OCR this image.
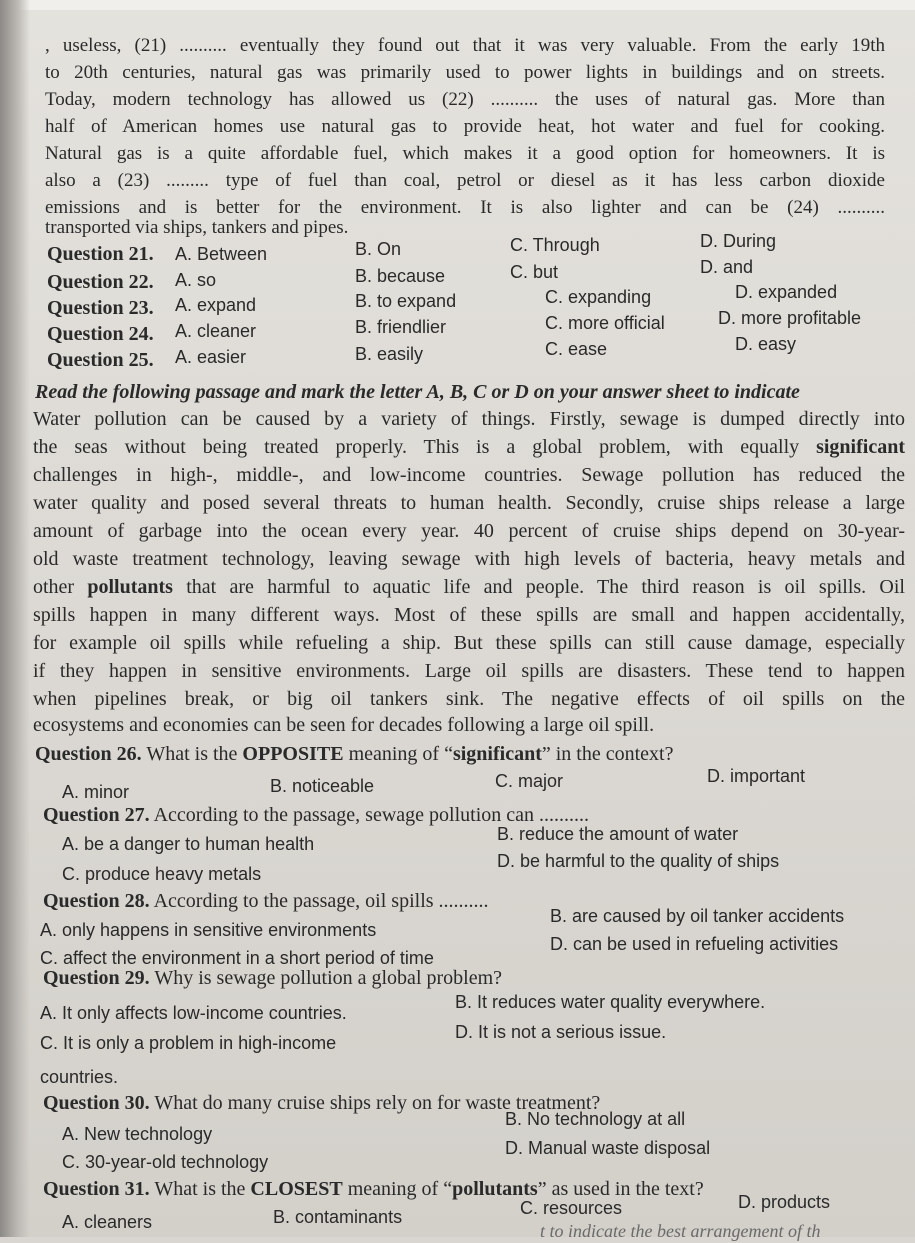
, useless, (21) .......... eventually they found out that it was very valuable. From the early 19th
to 20th centuries, natural gas was primarily used to power lights in buildings and on streets.
Today, modern technology has allowed us (22) .......... the uses of natural gas. More than
half of American homes use natural gas to provide heat, hot water and fuel for cooking.
Natural gas is a quite affordable fuel, which makes it a good option for homeowners. It is
also a (23) ......... type of fuel than coal, petrol or diesel as it has less carbon dioxide
emissions and is better for the environment. It is also lighter and can be (24) ..........
transported via ships, tankers and pipes.
Question 21. A. Between	B. On	C. Through	D. During
Question 22. A. so	B. because	C. but	D. and
Question 23. A. expand	B. to expand	C. expanding	D. expanded
Question 24. A. cleaner	B. friendlier	C. more official	D. more profitable
Question 25. A. easier	B. easily	C. ease	D. easy
Read the following passage and mark the letter A, B, C or D on your answer sheet to indicate
Water pollution can be caused by a variety of things. Firstly, sewage is dumped directly into
the seas without being treated properly. This is a global problem, with equally significant
challenges in high-, middle-, and low-income countries. Sewage pollution has reduced the
water quality and posed several threats to human health. Secondly, cruise ships release a large
amount of garbage into the ocean every year. 40 percent of cruise ships depend on 30-year-
old waste treatment technology, leaving sewage with high levels of bacteria, heavy metals and
other pollutants that are harmful to aquatic life and people. The third reason is oil spills. Oil
spills happen in many different ways. Most of these spills are small and happen accidentally,
for example oil spills while refueling a ship. But these spills can still cause damage, especially
if they happen in sensitive environments. Large oil spills are disasters. These tend to happen
when pipelines break, or big oil tankers sink. The negative effects of oil spills on the
ecosystems and economies can be seen for decades following a large oil spill.
Question 26. What is the OPPOSITE meaning of “significant” in the context?
A. minor	B. noticeable	C. major	D. important
Question 27. According to the passage, sewage pollution can ..........
A. be a danger to human health	B. reduce the amount of water
C. produce heavy metals
D. be harmful to the quality of ships
Question 28. According to the passage, oil spills ..........
A. only happens in sensitive environments
B. are caused by oil tanker accidents
C. affect the environment in a short period of time
D. can be used in refueling activities
Question 29. Why is sewage pollution a global problem?
A. It only affects low-income countries.
B. It reduces water quality everywhere.
C. It is only a problem in high-income
D. It is not a serious issue.
countries.
Question 30. What do many cruise ships rely on for waste treatment?
A. New technology
B. No technology at all
C. 30-year-old technology
D. Manual waste disposal
Question 31. What is the CLOSEST meaning of “pollutants” as used in the text?
A. cleaners	B. contaminants	C. resources	D. products
t to indicate the best arrangement of th
